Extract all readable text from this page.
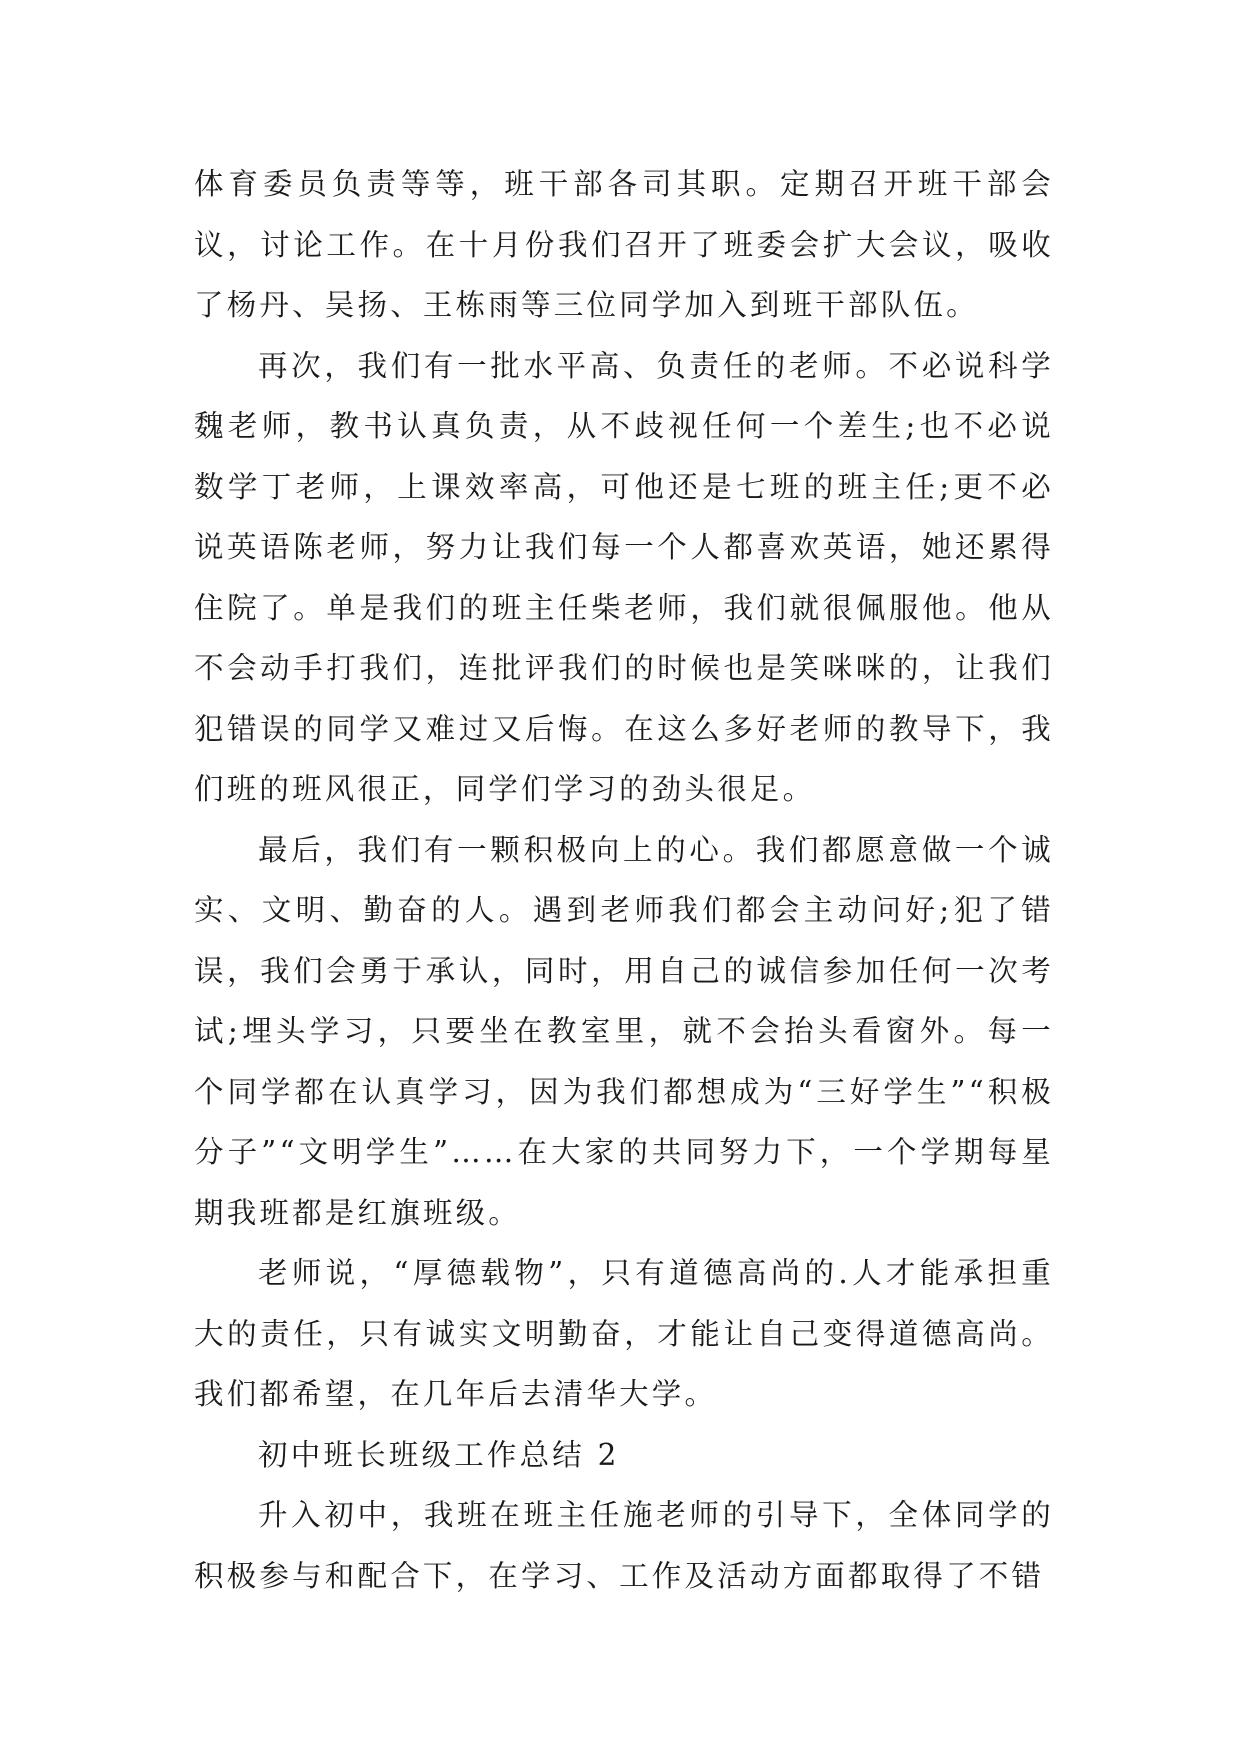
体育委员负责等等，班干部各司其职。定期召开班干部会议，讨论工作。在十月份我们召开了班委会扩大会议，吸收了杨丹、吴扬、王栋雨等三位同学加入到班干部队伍。

再次，我们有一批水平高、负责任的老师。不必说科学魏老师，教书认真负责，从不歧视任何一个差生;也不必说数学丁老师，上课效率高，可他还是七班的班主任;更不必说英语陈老师，努力让我们每一个人都喜欢英语，她还累得住院了。单是我们的班主任柴老师，我们就很佩服他。他从不会动手打我们，连批评我们的时候也是笑咪咪的，让我们犯错误的同学又难过又后悔。在这么多好老师的教导下，我们班的班风很正，同学们学习的劲头很足。

最后，我们有一颗积极向上的心。我们都愿意做一个诚实、文明、勤奋的人。遇到老师我们都会主动问好;犯了错误，我们会勇于承认，同时，用自己的诚信参加任何一次考试;埋头学习，只要坐在教室里，就不会抬头看窗外。每一个同学都在认真学习，因为我们都想成为“三好学生”“积极分子”“文明学生”……在大家的共同努力下，一个学期每星期我班都是红旗班级。

老师说，“厚德载物”，只有道德高尚的.人才能承担重大的责任，只有诚实文明勤奋，才能让自己变得道德高尚。我们都希望，在几年后去清华大学。

初中班长班级工作总结 2

升入初中，我班在班主任施老师的引导下，全体同学的积极参与和配合下，在学习、工作及活动方面都取得了不错
